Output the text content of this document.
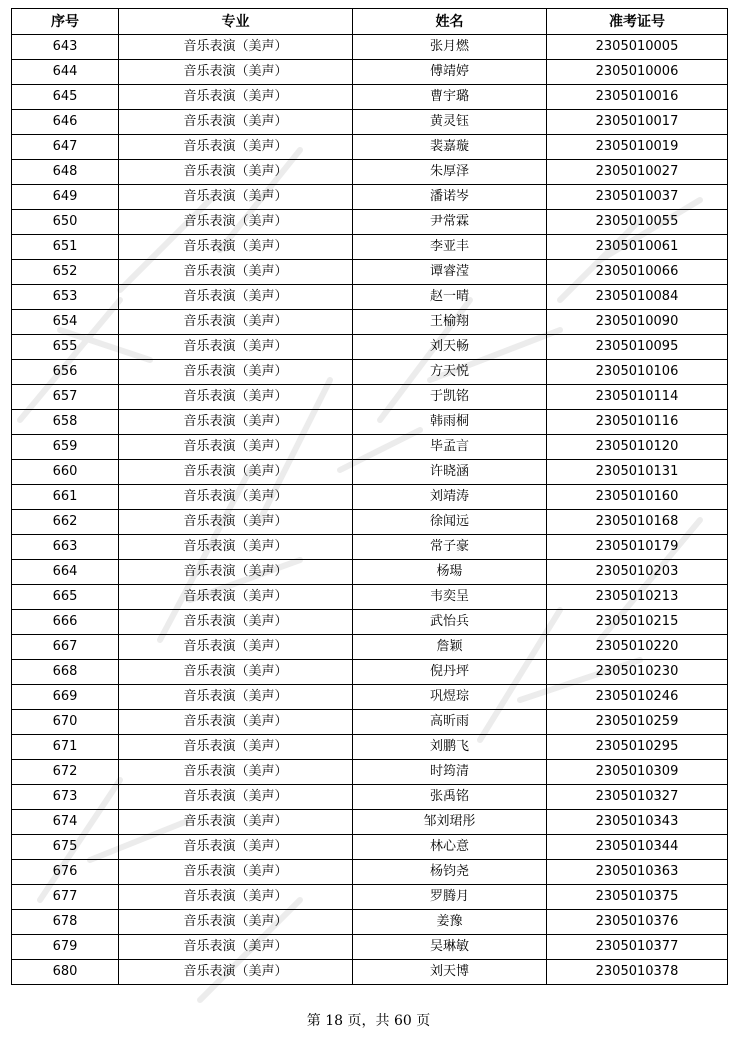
序号	专业	姓名	准考证号
643	音乐表演（美声）	张月燃	2305010005
644	音乐表演（美声）	傅靖婷	2305010006
645	音乐表演（美声）	曹宇璐	2305010016
646	音乐表演（美声）	黄灵钰	2305010017
647	音乐表演（美声）	裴嘉璇	2305010019
648	音乐表演（美声）	朱厚泽	2305010027
649	音乐表演（美声）	潘诺岑	2305010037
650	音乐表演（美声）	尹常霖	2305010055
651	音乐表演（美声）	李亚丰	2305010061
652	音乐表演（美声）	谭睿滢	2305010066
653	音乐表演（美声）	赵一晴	2305010084
654	音乐表演（美声）	王榆翔	2305010090
655	音乐表演（美声）	刘天畅	2305010095
656	音乐表演（美声）	方天悦	2305010106
657	音乐表演（美声）	于凯铭	2305010114
658	音乐表演（美声）	韩雨桐	2305010116
659	音乐表演（美声）	毕孟言	2305010120
660	音乐表演（美声）	许晓涵	2305010131
661	音乐表演（美声）	刘靖涛	2305010160
662	音乐表演（美声）	徐闻远	2305010168
663	音乐表演（美声）	常子豪	2305010179
664	音乐表演（美声）	杨瑒	2305010203
665	音乐表演（美声）	韦奕呈	2305010213
666	音乐表演（美声）	武怡兵	2305010215
667	音乐表演（美声）	詹颖	2305010220
668	音乐表演（美声）	倪丹坪	2305010230
669	音乐表演（美声）	巩煜琮	2305010246
670	音乐表演（美声）	高昕雨	2305010259
671	音乐表演（美声）	刘鹏飞	2305010295
672	音乐表演（美声）	时筠清	2305010309
673	音乐表演（美声）	张禹铭	2305010327
674	音乐表演（美声）	邹刘珺彤	2305010343
675	音乐表演（美声）	林心意	2305010344
676	音乐表演（美声）	杨钧尧	2305010363
677	音乐表演（美声）	罗腾月	2305010375
678	音乐表演（美声）	姜豫	2305010376
679	音乐表演（美声）	吴琳敏	2305010377
680	音乐表演（美声）	刘天博	2305010378
第 18 页，共 60 页
